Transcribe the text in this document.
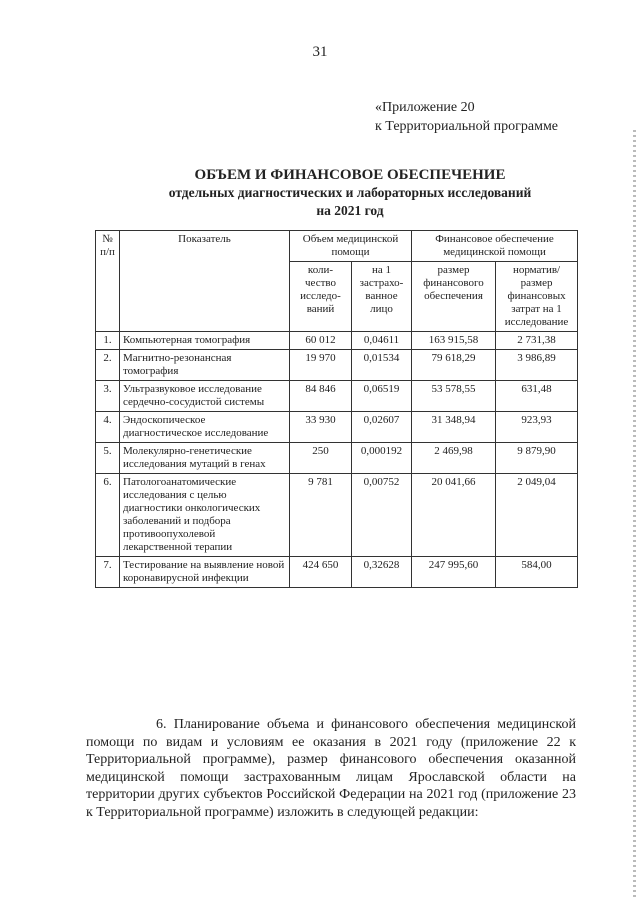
31
«Приложение 20
к Территориальной программе
ОБЪЕМ И ФИНАНСОВОЕ ОБЕСПЕЧЕНИЕ
отдельных диагностических и лабораторных исследований
на 2021 год
№ п/п	Показатель	Объем медицинской помощи		Финансовое обеспечение медицинской помощи	
		коли-чество исследо-ваний	на 1 застрахо-ванное лицо	размер финансового обеспечения	норматив/ размер финансовых затрат на 1 исследование
1.	Компьютерная томография	60 012	0,04611	163 915,58	2 731,38
2.	Магнитно-резонансная томография	19 970	0,01534	79 618,29	3 986,89
3.	Ультразвуковое исследование сердечно-сосудистой системы	84 846	0,06519	53 578,55	631,48
4.	Эндоскопическое диагностическое исследование	33 930	0,02607	31 348,94	923,93
5.	Молекулярно-генетические исследования мутаций в генах	250	0,000192	2 469,98	9 879,90
6.	Патологоанатомические исследования с целью диагностики онкологических заболеваний и подбора противоопухолевой лекарственной терапии	9 781	0,00752	20 041,66	2 049,04
7.	Тестирование на выявление новой коронавирусной инфекции	424 650	0,32628	247 995,60	584,00
6. Планирование объема и финансового обеспечения медицинской помощи по видам и условиям ее оказания в 2021 году (приложение 22 к Территориальной программе), размер финансового обеспечения оказанной медицинской помощи застрахованным лицам Ярославской области на территории других субъектов Российской Федерации на 2021 год (приложение 23 к Территориальной программе) изложить в следующей редакции:
